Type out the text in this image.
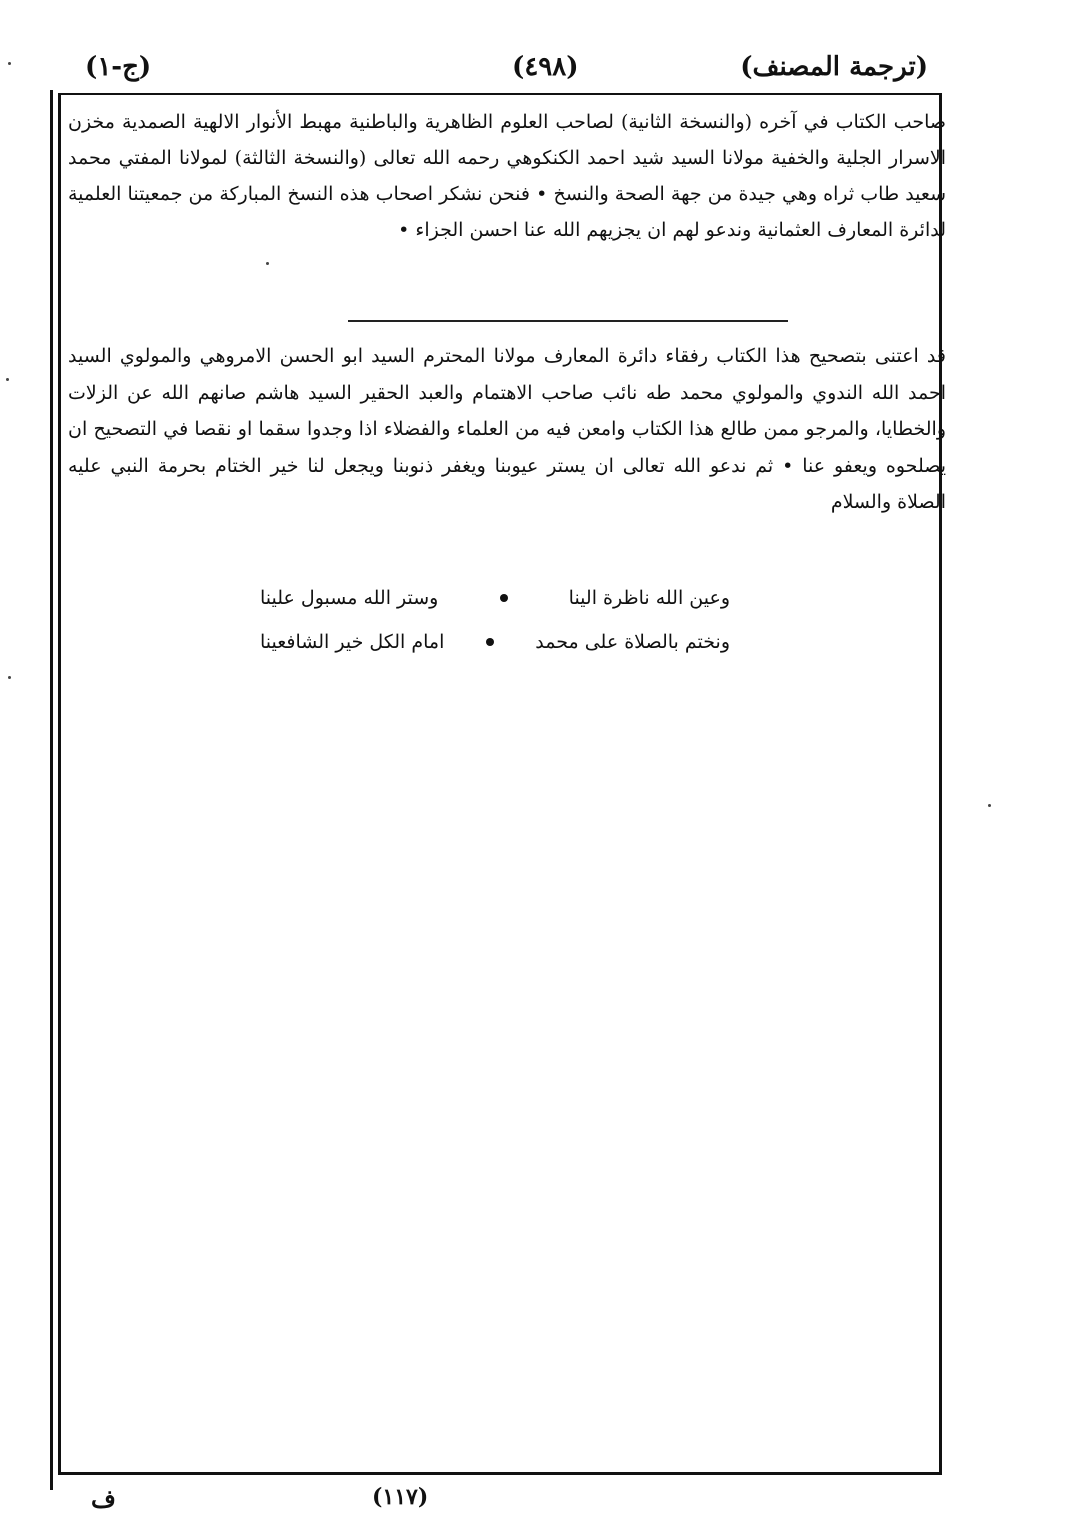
(ج-١)	(٤٩٨)	(ترجمة المصنف)

صاحب الكتاب في آخره (والنسخة الثانية) لصاحب العلوم الظاهرية والباطنية مهبط الأنوار الالهية الصمدية مخزن الاسرار الجلية والخفية مولانا السيد شيد احمد الكنكوهي رحمه الله تعالى (والنسخة الثالثة) لمولانا المفتي محمد سعيد طاب ثراه وهي جيدة من جهة الصحة والنسخ • فنحن نشكر اصحاب هذه النسخ المباركة من جمعيتنا العلمية لدائرة المعارف العثمانية وندعو لهم ان يجزيهم الله عنا احسن الجزاء •

قد اعتنى بتصحيح هذا الكتاب رفقاء دائرة المعارف مولانا المحترم السيد ابو الحسن الامروهي والمولوي السيد احمد الله الندوي والمولوي محمد طه نائب صاحب الاهتمام والعبد الحقير السيد هاشم صانهم الله عن الزلات والخطايا، والمرجو ممن طالع هذا الكتاب وامعن فيه من العلماء والفضلاء اذا وجدوا سقما او نقصا في التصحيح ان يصلحوه ويعفو عنا • ثم ندعو الله تعالى ان يستر عيوبنا ويغفر ذنوبنا ويجعل لنا خير الختام بحرمة النبي عليه الصلاة والسلام

وعين الله ناظرة الينا
وستر الله مسبول علينا
ونختم بالصلاة على محمد
امام الكل خير الشافعينا
ف	(١١٧)
